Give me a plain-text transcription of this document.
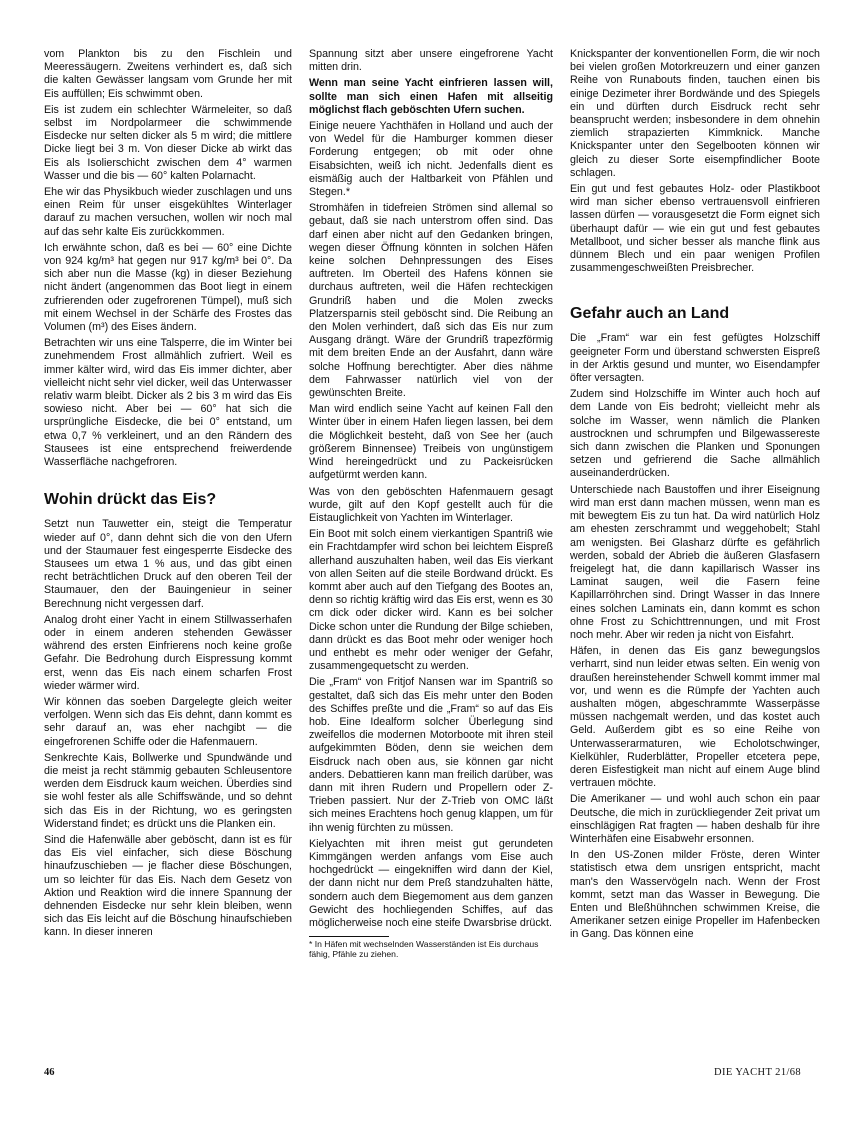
vom Plankton bis zu den Fischlein und Meeressäugern. Zweitens verhindert es, daß sich die kalten Gewässer langsam vom Grunde her mit Eis auffüllen; Eis schwimmt oben.

Eis ist zudem ein schlechter Wärmeleiter, so daß selbst im Nordpolarmeer die schwimmende Eisdecke nur selten dicker als 5 m wird; die mittlere Dicke liegt bei 3 m. Von dieser Dicke ab wirkt das Eis als Isolierschicht zwischen dem 4° warmen Wasser und die bis — 60° kalten Polarnacht.

Ehe wir das Physikbuch wieder zuschlagen und uns einen Reim für unser eisgekühltes Winterlager darauf zu machen versuchen, wollen wir noch mal auf das sehr kalte Eis zurückkommen.

Ich erwähnte schon, daß es bei — 60° eine Dichte von 924 kg/m³ hat gegen nur 917 kg/m³ bei 0°. Da sich aber nun die Masse (kg) in dieser Beziehung nicht ändert (angenommen das Boot liegt in einem zufrierenden oder zugefrorenen Tümpel), muß sich mit einem Wechsel in der Schärfe des Frostes das Volumen (m³) des Eises ändern.

Betrachten wir uns eine Talsperre, die im Winter bei zunehmendem Frost allmählich zufriert. Weil es immer kälter wird, wird das Eis immer dichter, aber vielleicht nicht sehr viel dicker, weil das Unterwasser relativ warm bleibt. Dicker als 2 bis 3 m wird das Eis sowieso nicht. Aber bei — 60° hat sich die ursprüngliche Eisdecke, die bei 0° entstand, um etwa 0,7 % verkleinert, und an den Rändern des Stausees ist eine entsprechend freiwerdende Wasserfläche nachgefroren.

Wohin drückt das Eis?

Setzt nun Tauwetter ein, steigt die Temperatur wieder auf 0°, dann dehnt sich die von den Ufern und der Staumauer fest eingesperrte Eisdecke des Stausees um etwa 1 % aus, und das gibt einen recht beträchtlichen Druck auf den oberen Teil der Staumauer, den der Bauingenieur in seiner Berechnung nicht vergessen darf.

Analog droht einer Yacht in einem Stillwasserhafen oder in einem anderen stehenden Gewässer während des ersten Einfrierens noch keine große Gefahr. Die Bedrohung durch Eispressung kommt erst, wenn das Eis nach einem scharfen Frost wieder wärmer wird.

Wir können das soeben Dargelegte gleich weiter verfolgen. Wenn sich das Eis dehnt, dann kommt es sehr darauf an, was eher nachgibt — die eingefrorenen Schiffe oder die Hafenmauern.

Senkrechte Kais, Bollwerke und Spundwände und die meist ja recht stämmig gebauten Schleusentore werden dem Eisdruck kaum weichen. Überdies sind sie wohl fester als alle Schiffswände, und so dehnt sich das Eis in der Richtung, wo es geringsten Widerstand findet; es drückt uns die Planken ein.

Sind die Hafenwälle aber geböscht, dann ist es für das Eis viel einfacher, sich diese Böschung hinaufzuschieben — je flacher diese Böschungen, um so leichter für das Eis. Nach dem Gesetz von Aktion und Reaktion wird die innere Spannung der dehnenden Eisdecke nur sehr klein bleiben, wenn sich das Eis leicht auf die Böschung hinaufschieben kann. In dieser inneren

Spannung sitzt aber unsere eingefrorene Yacht mitten drin.

Wenn man seine Yacht einfrieren lassen will, sollte man sich einen Hafen mit allseitig möglichst flach geböschten Ufern suchen.

Einige neuere Yachthäfen in Holland und auch der von Wedel für die Hamburger kommen dieser Forderung entgegen; ob mit oder ohne Eisabsichten, weiß ich nicht. Jedenfalls dient es eismäßig auch der Haltbarkeit von Pfählen und Stegen.*

Stromhäfen in tidefreien Strömen sind allemal so gebaut, daß sie nach unterstrom offen sind. Das darf einen aber nicht auf den Gedanken bringen, wegen dieser Öffnung könnten in solchen Häfen keine solchen Dehnpressungen des Eises auftreten. Im Oberteil des Hafens können sie durchaus auftreten, weil die Häfen rechteckigen Grundriß haben und die Molen zwecks Platzersparnis steil geböscht sind. Die Reibung an den Molen verhindert, daß sich das Eis nur zum Ausgang drängt. Wäre der Grundriß trapezförmig mit dem breiten Ende an der Ausfahrt, dann wäre solche Hoffnung berechtigter. Aber dies nähme dem Fahrwasser natürlich viel von der gewünschten Breite.

Man wird endlich seine Yacht auf keinen Fall den Winter über in einem Hafen liegen lassen, bei dem die Möglichkeit besteht, daß von See her (auch größerem Binnensee) Treibeis von ungünstigem Wind hereingedrückt und zu Packeisrücken aufgetürmt werden kann.

Was von den geböschten Hafenmauern gesagt wurde, gilt auf den Kopf gestellt auch für die Eistauglichkeit von Yachten im Winterlager.

Ein Boot mit solch einem vierkantigen Spantriß wie ein Frachtdampfer wird schon bei leichtem Eispreß allerhand auszuhalten haben, weil das Eis vierkant von allen Seiten auf die steile Bordwand drückt. Es kommt aber auch auf den Tiefgang des Bootes an, denn so richtig kräftig wird das Eis erst, wenn es 30 cm dick oder dicker wird. Kann es bei solcher Dicke schon unter die Rundung der Bilge schieben, dann drückt es das Boot mehr oder weniger hoch und enthebt es mehr oder weniger der Gefahr, zusammengequetscht zu werden.

Die „Fram“ von Fritjof Nansen war im Spantriß so gestaltet, daß sich das Eis mehr unter den Boden des Schiffes preßte und die „Fram“ so auf das Eis hob. Eine Idealform solcher Überlegung sind zweifellos die modernen Motorboote mit ihren steil aufgekimmten Böden, denn sie weichen dem Eisdruck nach oben aus, sie können gar nicht anders. Debattieren kann man freilich darüber, was dann mit ihren Rudern und Propellern oder Z-Trieben passiert. Nur der Z-Trieb von OMC läßt sich meines Erachtens hoch genug klappen, um für ihn wenig fürchten zu müssen.

Kielyachten mit ihren meist gut gerundeten Kimmgängen werden anfangs vom Eise auch hochgedrückt — eingekniffen wird dann der Kiel, der dann nicht nur dem Preß standzuhalten hätte, sondern auch dem Biegemoment aus dem ganzen Gewicht des hochliegenden Schiffes, auf das möglicherweise noch eine steife Dwarsbrise drückt.

* In Häfen mit wechselnden Wasserständen ist Eis durchaus fähig, Pfähle zu ziehen.

Knickspanter der konventionellen Form, die wir noch bei vielen großen Motorkreuzern und einer ganzen Reihe von Runabouts finden, tauchen einen bis einige Dezimeter ihrer Bordwände und des Spiegels ein und dürften durch Eisdruck recht sehr beansprucht werden; insbesondere in dem ohnehin ziemlich strapazierten Kimmknick. Manche Knickspanter unter den Segelbooten können wir gleich zu dieser Sorte eisempfindlicher Boote schlagen.

Ein gut und fest gebautes Holz- oder Plastikboot wird man sicher ebenso vertrauensvoll einfrieren lassen dürfen — vorausgesetzt die Form eignet sich überhaupt dafür — wie ein gut und fest gebautes Metallboot, und sicher besser als manche flink aus dünnem Blech und ein paar wenigen Profilen zusammengeschweißten Preisbrecher.

Gefahr auch an Land

Die „Fram“ war ein fest gefügtes Holzschiff geeigneter Form und überstand schwersten Eispreß in der Arktis gesund und munter, wo Eisendampfer öfter versagten.

Zudem sind Holzschiffe im Winter auch hoch auf dem Lande von Eis bedroht; vielleicht mehr als solche im Wasser, wenn nämlich die Planken austrocknen und schrumpfen und Bilgewassereste sich dann zwischen die Planken und Sponungen setzen und gefrierend die Sache allmählich auseinanderdrücken.

Unterschiede nach Baustoffen und ihrer Eiseignung wird man erst dann machen müssen, wenn man es mit bewegtem Eis zu tun hat. Da wird natürlich Holz am ehesten zerschrammt und weggehobelt; Stahl am wenigsten. Bei Glasharz dürfte es gefährlich werden, sobald der Abrieb die äußeren Glasfasern freigelegt hat, die dann kapillarisch Wasser ins Laminat saugen, weil die Fasern feine Kapillarröhrchen sind. Dringt Wasser in das Innere eines solchen Laminats ein, dann kommt es schon ohne Frost zu Schichttrennungen, und mit Frost noch mehr. Aber wir reden ja nicht von Eisfahrt.

Häfen, in denen das Eis ganz bewegungslos verharrt, sind nun leider etwas selten. Ein wenig von draußen hereinstehender Schwell kommt immer mal vor, und wenn es die Rümpfe der Yachten auch aushalten mögen, abgeschrammte Wasserpässe müssen nachgemalt werden, und das kostet auch Geld. Außerdem gibt es so eine Reihe von Unterwasserarmaturen, wie Echolotschwinger, Kielkühler, Ruderblätter, Propeller etcetera pepe, deren Eisfestigkeit man nicht auf einem Auge blind vertrauen möchte.

Die Amerikaner — und wohl auch schon ein paar Deutsche, die mich in zurückliegender Zeit privat um einschlägigen Rat fragten — haben deshalb für ihre Winterhäfen eine Eisabwehr ersonnen.

In den US-Zonen milder Fröste, deren Winter statistisch etwa dem unsrigen entspricht, macht man's den Wasservögeln nach. Wenn der Frost kommt, setzt man das Wasser in Bewegung. Die Enten und Bleßhühnchen schwimmen Kreise, die Amerikaner setzen einige Propeller im Hafenbecken in Gang. Das können eine

46	DIE YACHT 21/68
